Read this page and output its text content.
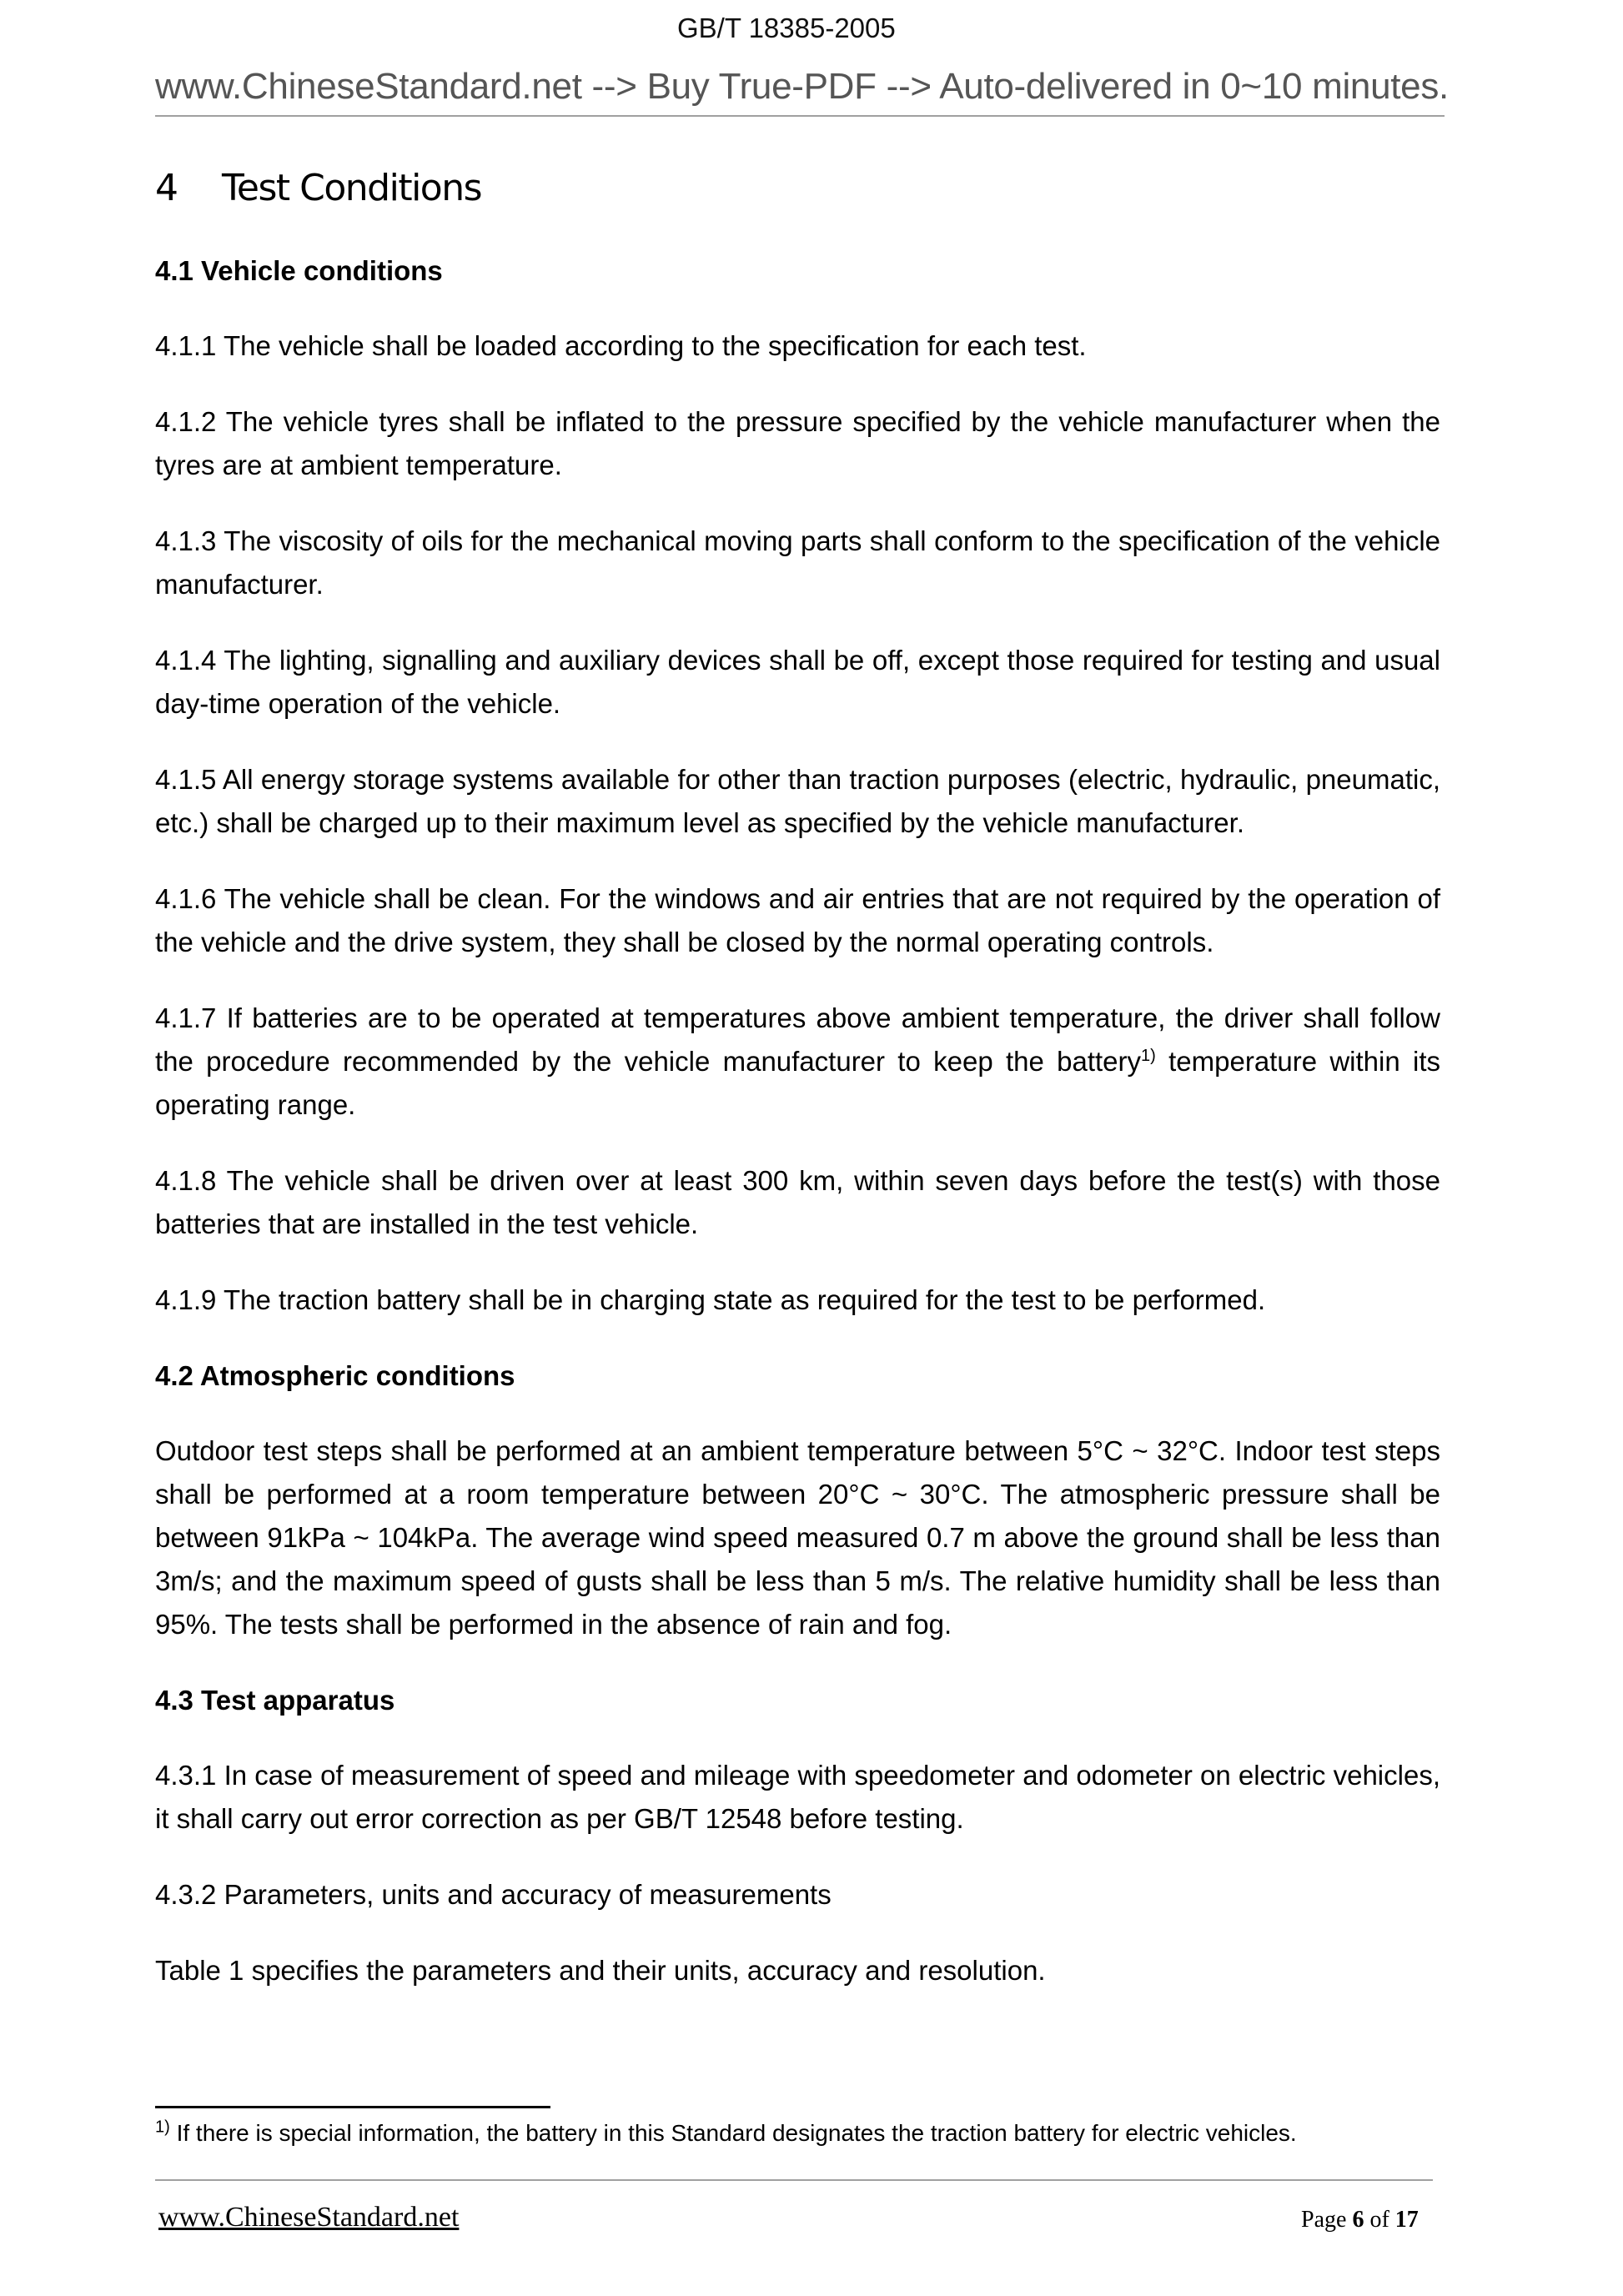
GB/T 18385-2005
www.ChineseStandard.net --> Buy True-PDF --> Auto-delivered in 0~10 minutes.
4 Test Conditions
4.1 Vehicle conditions

4.1.1 The vehicle shall be loaded according to the specification for each test.

4.1.2 The vehicle tyres shall be inflated to the pressure specified by the vehicle manufacturer when the tyres are at ambient temperature.

4.1.3 The viscosity of oils for the mechanical moving parts shall conform to the specification of the vehicle manufacturer.

4.1.4 The lighting, signalling and auxiliary devices shall be off, except those required for testing and usual day-time operation of the vehicle.

4.1.5 All energy storage systems available for other than traction purposes (electric, hydraulic, pneumatic, etc.) shall be charged up to their maximum level as specified by the vehicle manufacturer.

4.1.6 The vehicle shall be clean. For the windows and air entries that are not required by the operation of the vehicle and the drive system, they shall be closed by the normal operating controls.

4.1.7 If batteries are to be operated at temperatures above ambient temperature, the driver shall follow the procedure recommended by the vehicle manufacturer to keep the battery$^{1)}$ temperature within its operating range.

4.1.8 The vehicle shall be driven over at least 300 km, within seven days before the test(s) with those batteries that are installed in the test vehicle.

4.1.9 The traction battery shall be in charging state as required for the test to be performed.

4.2 Atmospheric conditions

Outdoor test steps shall be performed at an ambient temperature between 5°C ~ 32°C. Indoor test steps shall be performed at a room temperature between 20°C ~ 30°C. The atmospheric pressure shall be between 91kPa ~ 104kPa. The average wind speed measured 0.7 m above the ground shall be less than 3m/s; and the maximum speed of gusts shall be less than 5 m/s. The relative humidity shall be less than 95%. The tests shall be performed in the absence of rain and fog.

4.3 Test apparatus

4.3.1 In case of measurement of speed and mileage with speedometer and odometer on electric vehicles, it shall carry out error correction as per GB/T 12548 before testing.

4.3.2 Parameters, units and accuracy of measurements

Table 1 specifies the parameters and their units, accuracy and resolution.

$^{1)}$ If there is special information, the battery in this Standard designates the traction battery for electric vehicles.
www.ChineseStandard.net	Page 6 of 17
